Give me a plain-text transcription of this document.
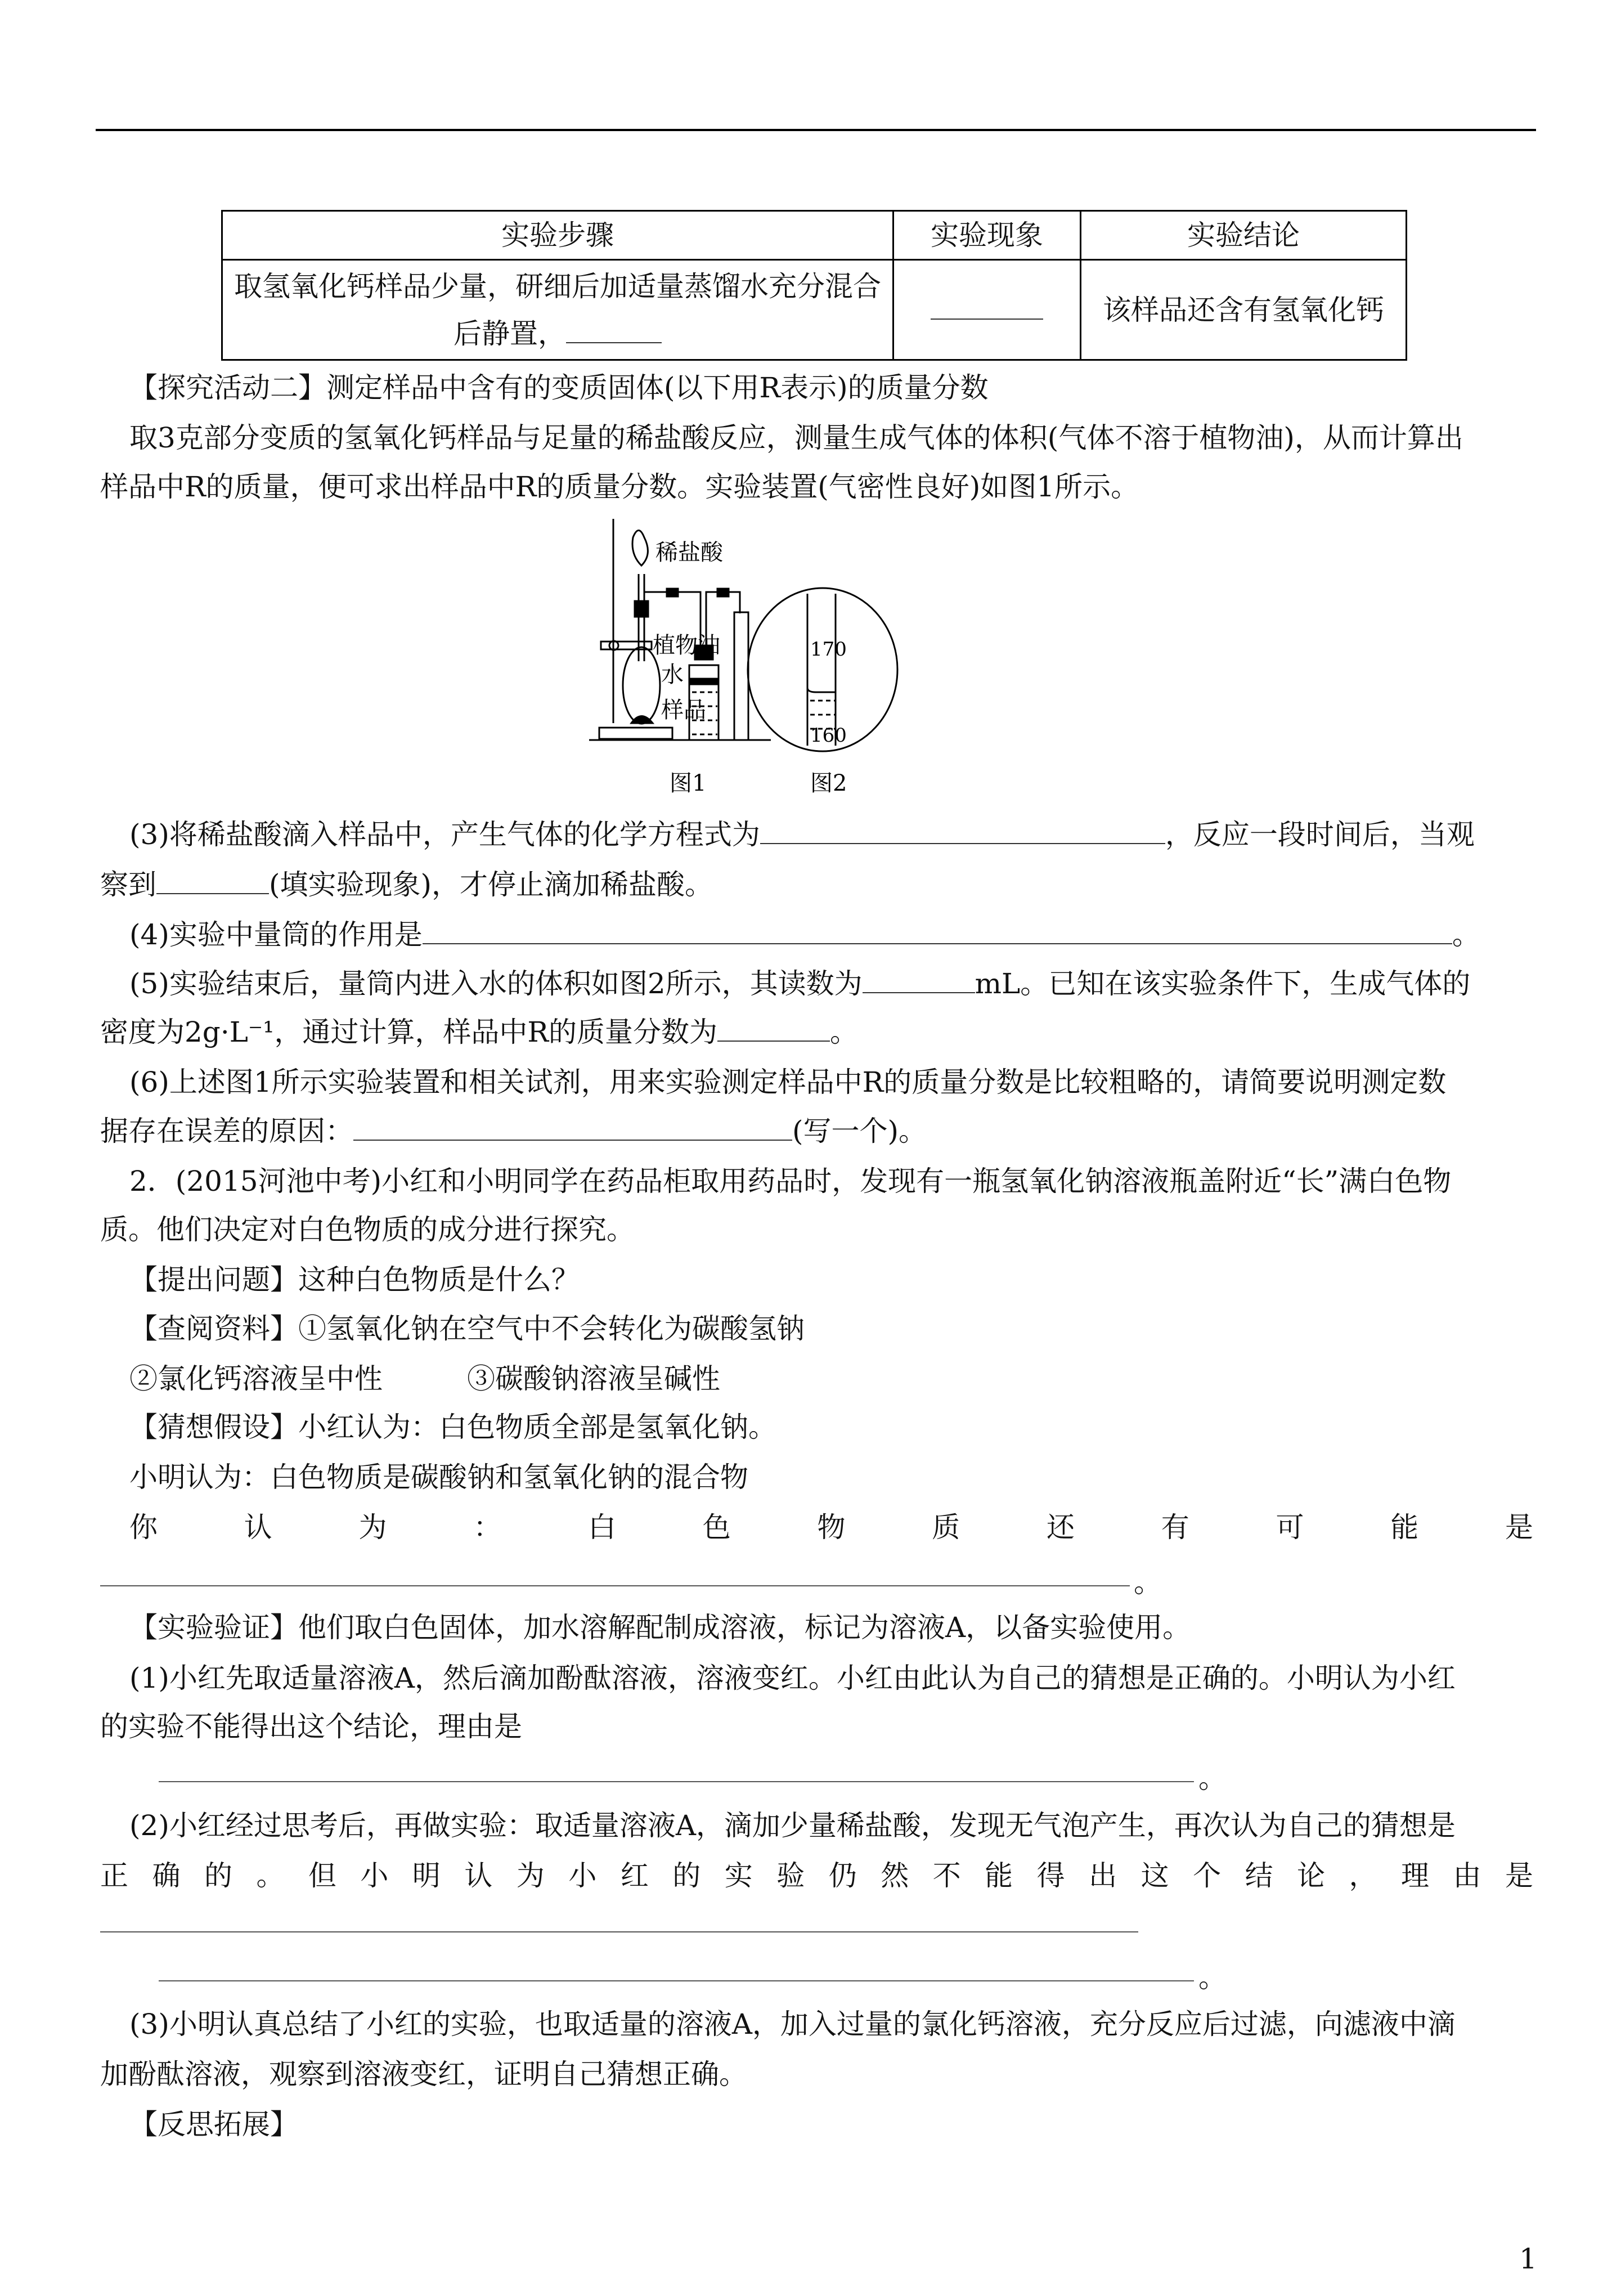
实验步骤	实验现象	实验结论
取氢氧化钙样品少量，研细后加适量蒸馏水充分混合后静置，		该样品还含有氢氧化钙
【探究活动二】测定样品中含有的变质固体(以下用R表示)的质量分数
取3克部分变质的氢氧化钙样品与足量的稀盐酸反应，测量生成气体的体积(气体不溶于植物油)，从而计算出
样品中R的质量，便可求出样品中R的质量分数。实验装置(气密性良好)如图1所示。
稀盐酸
植物油
水
样品
170
160
图1	图2
(3)将稀盐酸滴入样品中，产生气体的化学方程式为	，反应一段时间后，当观
察到	(填实验现象)，才停止滴加稀盐酸。
(4)实验中量筒的作用是	。
(5)实验结束后，量筒内进入水的体积如图2所示，其读数为	mL。已知在该实验条件下，生成气体的
密度为2g·L⁻¹，通过计算，样品中R的质量分数为	。
(6)上述图1所示实验装置和相关试剂，用来实验测定样品中R的质量分数是比较粗略的，请简要说明测定数
据存在误差的原因：	(写一个)。
2．(2015河池中考)小红和小明同学在药品柜取用药品时，发现有一瓶氢氧化钠溶液瓶盖附近“长”满白色物
质。他们决定对白色物质的成分进行探究。
【提出问题】这种白色物质是什么？
【查阅资料】①氢氧化钠在空气中不会转化为碳酸氢钠
②氯化钙溶液呈中性	③碳酸钠溶液呈碱性
【猜想假设】小红认为：白色物质全部是氢氧化钠。
小明认为：白色物质是碳酸钠和氢氧化钠的混合物
你认为：白色物质还有可能是
。
【实验验证】他们取白色固体，加水溶解配制成溶液，标记为溶液A，以备实验使用。
(1)小红先取适量溶液A，然后滴加酚酞溶液，溶液变红。小红由此认为自己的猜想是正确的。小明认为小红
的实验不能得出这个结论，理由是
。
(2)小红经过思考后，再做实验：取适量溶液A，滴加少量稀盐酸，发现无气泡产生，再次认为自己的猜想是
正确的。但小明认为小红的实验仍然不能得出这个结论，理由是
。
(3)小明认真总结了小红的实验，也取适量的溶液A，加入过量的氯化钙溶液，充分反应后过滤，向滤液中滴
加酚酞溶液，观察到溶液变红，证明自己猜想正确。
【反思拓展】
1
